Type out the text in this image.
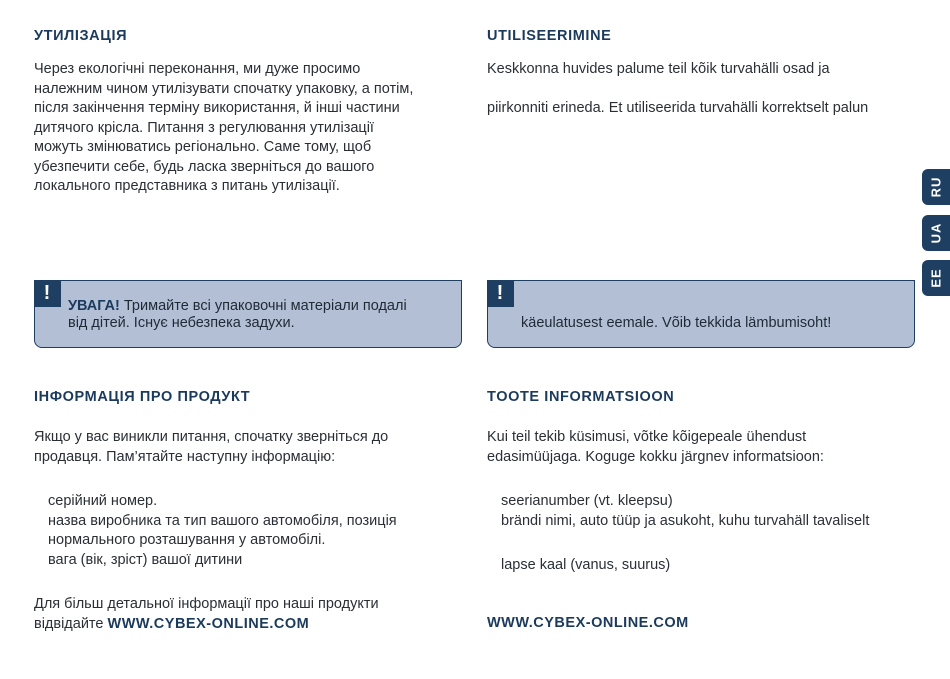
RU
UA
EE
УТИЛІЗАЦІЯ

Через екологічні переконання, ми дуже просимо
належним чином утилізувати спочатку упаковку, а потім,
після закінчення терміну використання, й інші частини
дитячого крісла. Питання з регулювання утилізації
можуть змінюватись регіонально. Саме тому, щоб
убезпечити себе, будь ласка зверніться до вашого
локального представника з питань утилізації.

!
УВАГА! Тримайте всі упаковочні матеріали подалі
від дітей. Існує небезпека задухи.
ІНФОРМАЦІЯ ПРО ПРОДУКТ

Якщо у вас виникли питання, спочатку зверніться до
продавця. Пам’ятайте наступну інформацію:

серійний номер.
назва виробника та тип вашого автомобіля, позиція
нормального розташування у автомобілі.
вага (вік, зріст) вашої дитини

Для більш детальної інформації про наші продукти
відвідайте WWW.CYBEX-ONLINE.COM

UTILISEERIMINE

Keskkonna huvides palume teil kõik turvahälli osad ja

piirkonniti erineda. Et utiliseerida turvahälli korrektselt palun

!
käeulatusest eemale. Võib tekkida lämbumisoht!
TOOTE INFORMATSIOON

Kui teil tekib küsimusi, võtke kõigepeale ühendust
edasimüüjaga. Koguge kokku järgnev informatsioon:

seerianumber (vt. kleepsu)
brändi nimi, auto tüüp ja asukoht, kuhu turvahäll tavaliselt

lapse kaal (vanus, suurus)

WWW.CYBEX-ONLINE.COM
